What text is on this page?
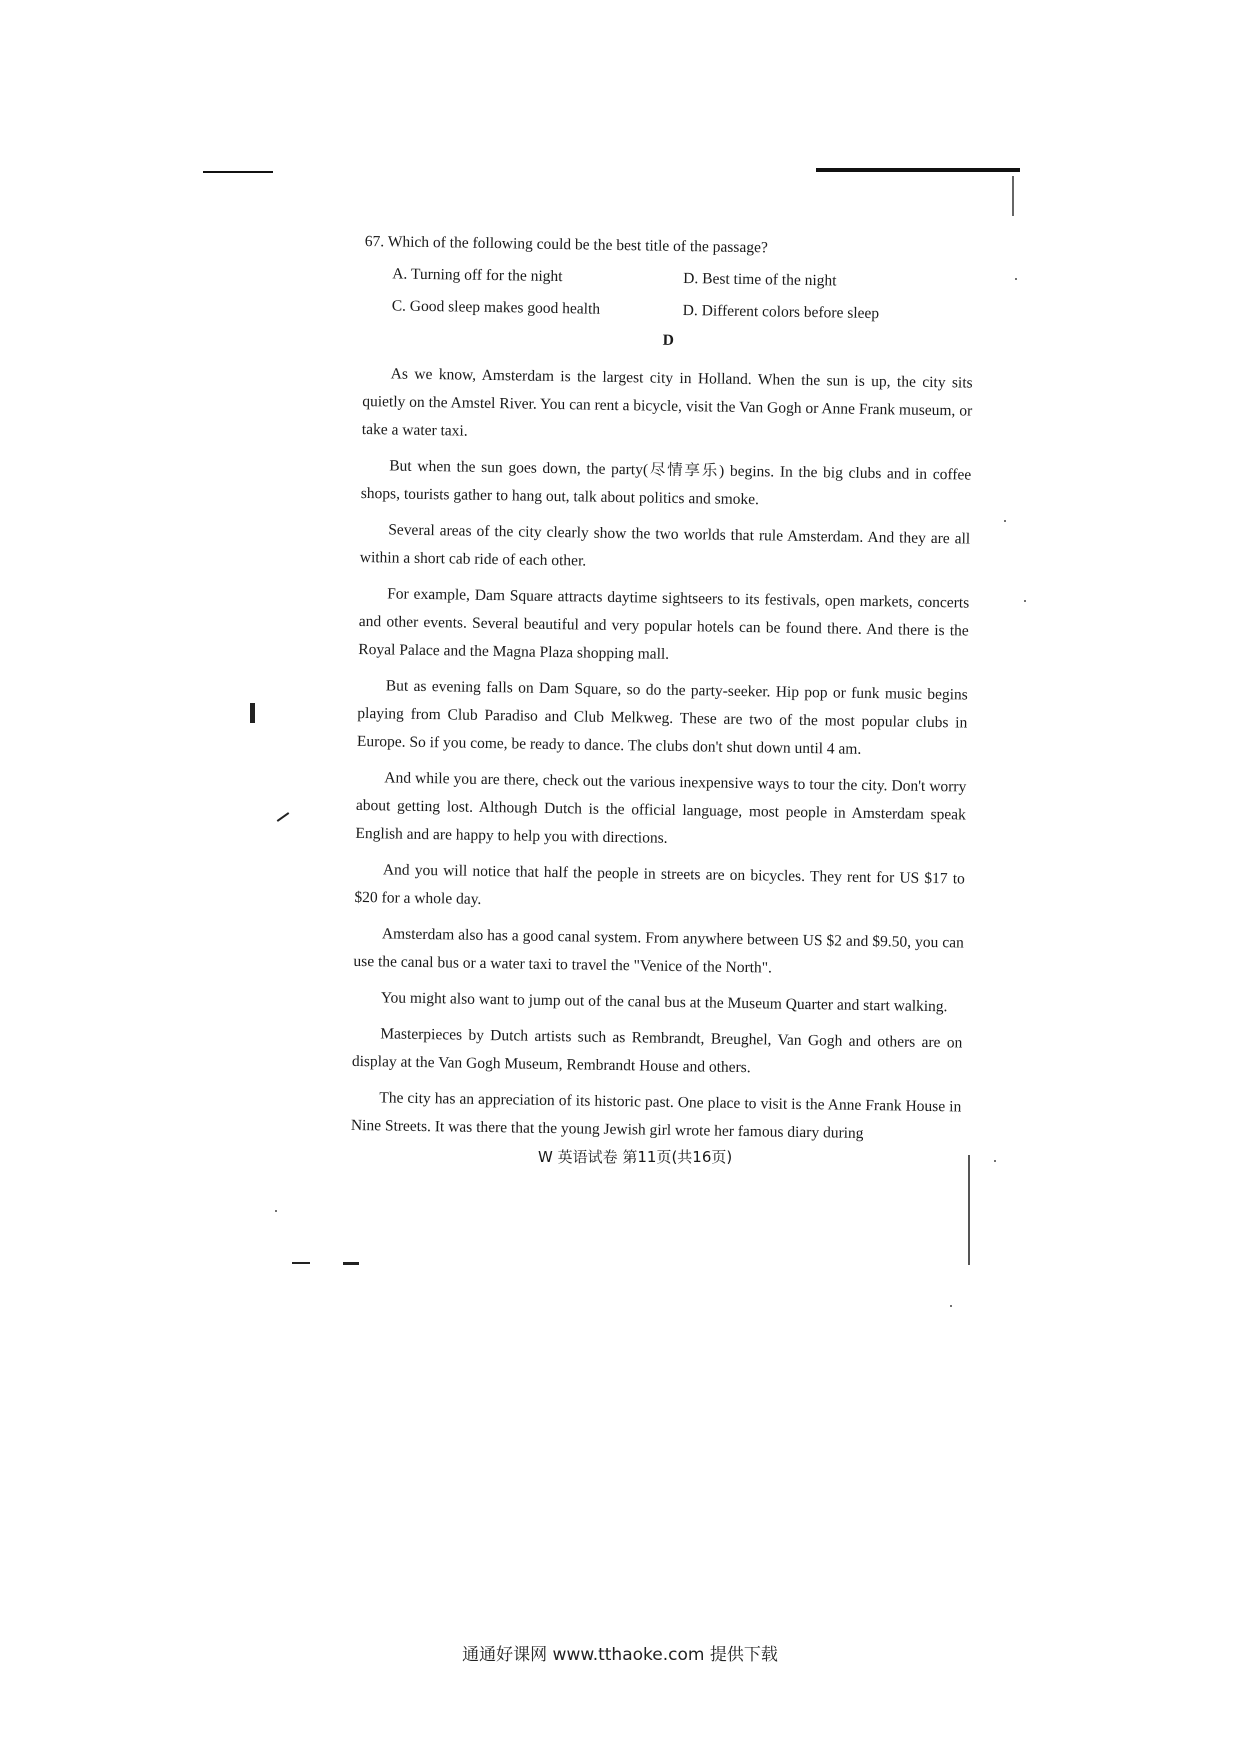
67. Which of the following could be the best title of the passage?
A. Turning off for the night	D. Best time of the night
C. Good sleep makes good health	D. Different colors before sleep
D

As we know, Amsterdam is the largest city in Holland. When the sun is up, the city sits quietly on the Amstel River. You can rent a bicycle, visit the Van Gogh or Anne Frank museum, or take a water taxi.

But when the sun goes down, the party(尽情享乐) begins. In the big clubs and in coffee shops, tourists gather to hang out, talk about politics and smoke.

Several areas of the city clearly show the two worlds that rule Amsterdam. And they are all within a short cab ride of each other.

For example, Dam Square attracts daytime sightseers to its festivals, open markets, concerts and other events. Several beautiful and very popular hotels can be found there. And there is the Royal Palace and the Magna Plaza shopping mall.

But as evening falls on Dam Square, so do the party-seeker. Hip pop or funk music begins playing from Club Paradiso and Club Melkweg. These are two of the most popular clubs in Europe. So if you come, be ready to dance. The clubs don't shut down until 4 am.

And while you are there, check out the various inexpensive ways to tour the city. Don't worry about getting lost. Although Dutch is the official language, most people in Amsterdam speak English and are happy to help you with directions.

And you will notice that half the people in streets are on bicycles. They rent for US $17 to $20 for a whole day.

Amsterdam also has a good canal system. From anywhere between US $2 and $9.50, you can use the canal bus or a water taxi to travel the "Venice of the North".

You might also want to jump out of the canal bus at the Museum Quarter and start walking.

Masterpieces by Dutch artists such as Rembrandt, Breughel, Van Gogh and others are on display at the Van Gogh Museum, Rembrandt House and others.

The city has an appreciation of its historic past. One place to visit is the Anne Frank House in Nine Streets. It was there that the young Jewish girl wrote her famous diary during

W 英语试卷 第11页(共16页)
通通好课网 www.tthaoke.com 提供下载
